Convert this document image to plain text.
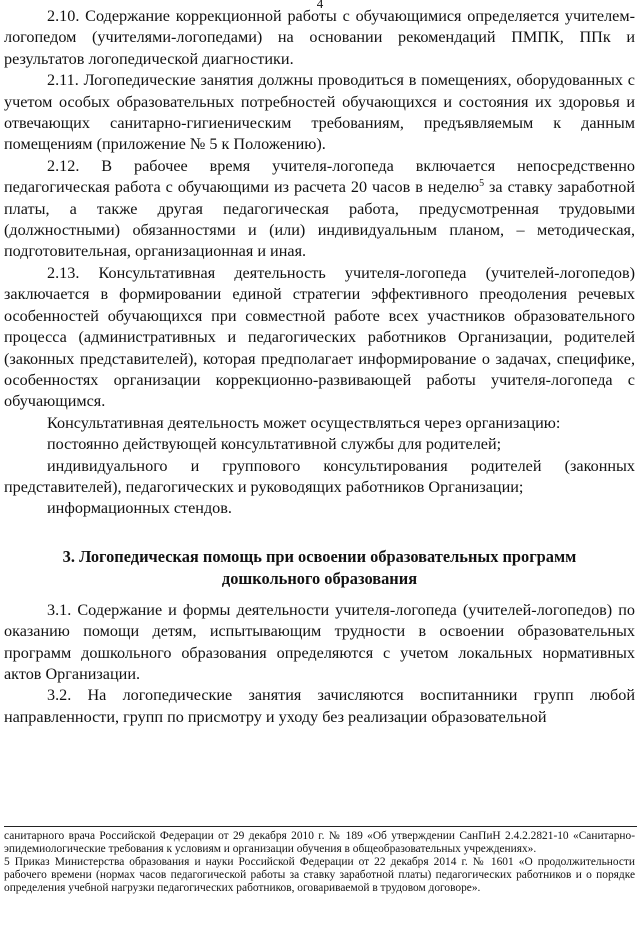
4

2.10. Содержание коррекционной работы с обучающимися определяется учителем-логопедом (учителями-логопедами) на основании рекомендаций ПМПК, ППк и результатов логопедической диагностики.

2.11. Логопедические занятия должны проводиться в помещениях, оборудованных с учетом особых образовательных потребностей обучающихся и состояния их здоровья и отвечающих санитарно-гигиеническим требованиям, предъявляемым к данным помещениям (приложение № 5 к Положению).

2.12. В рабочее время учителя-логопеда включается непосредственно педагогическая работа с обучающими из расчета 20 часов в неделю$^5$ за ставку заработной платы, а также другая педагогическая работа, предусмотренная трудовыми (должностными) обязанностями и (или) индивидуальным планом, – методическая, подготовительная, организационная и иная.

2.13. Консультативная деятельность учителя-логопеда (учителей-логопедов) заключается в формировании единой стратегии эффективного преодоления речевых особенностей обучающихся при совместной работе всех участников образовательного процесса (административных и педагогических работников Организации, родителей (законных представителей), которая предполагает информирование о задачах, специфике, особенностях организации коррекционно-развивающей работы учителя-логопеда с обучающимся.

Консультативная деятельность может осуществляться через организацию:

постоянно действующей консультативной службы для родителей;

индивидуального и группового консультирования родителей (законных представителей), педагогических и руководящих работников Организации;

информационных стендов.

3. Логопедическая помощь при освоении образовательных программ
дошкольного образования

3.1. Содержание и формы деятельности учителя-логопеда (учителей-логопедов) по оказанию помощи детям, испытывающим трудности в освоении образовательных программ дошкольного образования определяются с учетом локальных нормативных актов Организации.

3.2. На логопедические занятия зачисляются воспитанники групп любой направленности, групп по присмотру и уходу без реализации образовательной

санитарного врача Российской Федерации от 29 декабря 2010 г. № 189 «Об утверждении СанПиН 2.4.2.2821-10 «Санитарно-эпидемиологические требования к условиям и организации обучения в общеобразовательных учреждениях».

5 Приказ Министерства образования и науки Российской Федерации от 22 декабря 2014 г. № 1601 «О продолжительности рабочего времени (нормах часов педагогической работы за ставку заработной платы) педагогических работников и о порядке определения учебной нагрузки педагогических работников, оговариваемой в трудовом договоре».
